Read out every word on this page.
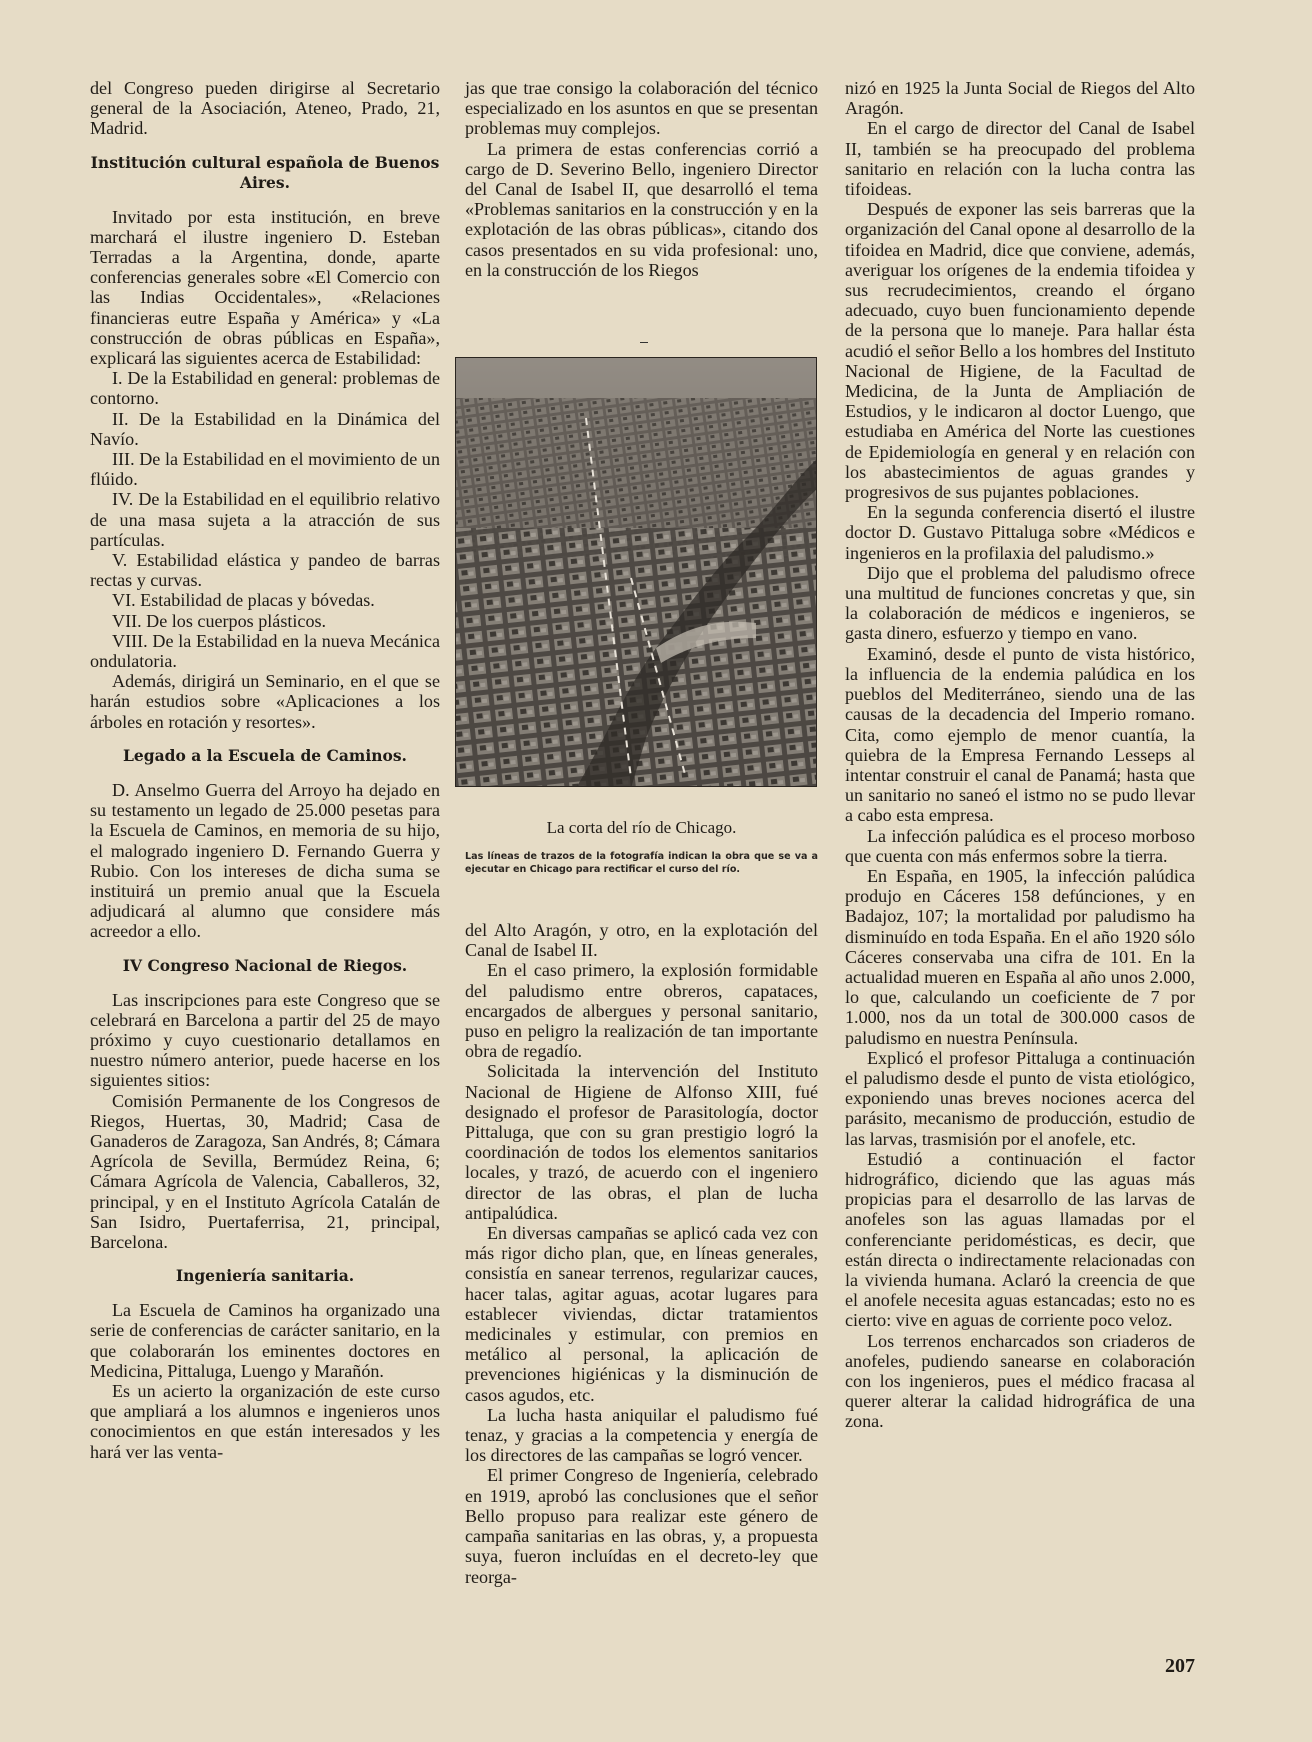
del Congreso pueden dirigirse al Secretario general de la Asociación, Ateneo, Prado, 21, Madrid.

Institución cultural española de Buenos Aires.

Invitado por esta institución, en breve marchará el ilustre ingeniero D. Esteban Terradas a la Argentina, donde, aparte conferencias generales sobre «El Comercio con las Indias Occidentales», «Relaciones financieras eutre España y América» y «La construcción de obras públicas en España», explicará las siguientes acerca de Estabilidad:

I. De la Estabilidad en general: problemas de contorno.

II. De la Estabilidad en la Dinámica del Navío.

III. De la Estabilidad en el movimiento de un flúido.

IV. De la Estabilidad en el equilibrio relativo de una masa sujeta a la atracción de sus partículas.

V. Estabilidad elástica y pandeo de barras rectas y curvas.

VI. Estabilidad de placas y bóvedas.

VII. De los cuerpos plásticos.

VIII. De la Estabilidad en la nueva Mecánica ondulatoria.

Además, dirigirá un Seminario, en el que se harán estudios sobre «Aplicaciones a los árboles en rotación y resortes».

Legado a la Escuela de Caminos.

D. Anselmo Guerra del Arroyo ha dejado en su testamento un legado de 25.000 pesetas para la Escuela de Caminos, en memoria de su hijo, el malogrado ingeniero D. Fernando Guerra y Rubio. Con los intereses de dicha suma se instituirá un premio anual que la Escuela adjudicará al alumno que considere más acreedor a ello.

IV Congreso Nacional de Riegos.

Las inscripciones para este Congreso que se celebrará en Barcelona a partir del 25 de mayo próximo y cuyo cuestionario detallamos en nuestro número anterior, puede hacerse en los siguientes sitios:

Comisión Permanente de los Congresos de Riegos, Huertas, 30, Madrid; Casa de Ganaderos de Zaragoza, San Andrés, 8; Cámara Agrícola de Sevilla, Bermúdez Reina, 6; Cámara Agrícola de Valencia, Caballeros, 32, principal, y en el Instituto Agrícola Catalán de San Isidro, Puertaferrisa, 21, principal, Barcelona.

Ingeniería sanitaria.

La Escuela de Caminos ha organizado una serie de conferencias de carácter sanitario, en la que colaborarán los eminentes doctores en Medicina, Pittaluga, Luengo y Marañón.

Es un acierto la organización de este curso que ampliará a los alumnos e ingenieros unos conocimientos en que están interesados y les hará ver las venta-

jas que trae consigo la colaboración del técnico especializado en los asuntos en que se presentan problemas muy complejos.

La primera de estas conferencias corrió a cargo de D. Severino Bello, ingeniero Director del Canal de Isabel II, que desarrolló el tema «Problemas sanitarios en la construcción y en la explotación de las obras públicas», citando dos casos presentados en su vida profesional: uno, en la construcción de los Riegos

del Alto Aragón, y otro, en la explotación del Canal de Isabel II.

En el caso primero, la explosión formidable del paludismo entre obreros, capataces, encargados de albergues y personal sanitario, puso en peligro la realización de tan importante obra de regadío.

Solicitada la intervención del Instituto Nacional de Higiene de Alfonso XIII, fué designado el profesor de Parasitología, doctor Pittaluga, que con su gran prestigio logró la coordinación de todos los elementos sanitarios locales, y trazó, de acuerdo con el ingeniero director de las obras, el plan de lucha antipalúdica.

En diversas campañas se aplicó cada vez con más rigor dicho plan, que, en líneas generales, consistía en sanear terrenos, regularizar cauces, hacer talas, agitar aguas, acotar lugares para establecer viviendas, dictar tratamientos medicinales y estimular, con premios en metálico al personal, la aplicación de prevenciones higiénicas y la disminución de casos agudos, etc.

La lucha hasta aniquilar el paludismo fué tenaz, y gracias a la competencia y energía de los directores de las campañas se logró vencer.

El primer Congreso de Ingeniería, celebrado en 1919, aprobó las conclusiones que el señor Bello propuso para realizar este género de campaña sanitarias en las obras, y, a propuesta suya, fueron incluídas en el decreto-ley que reorga-

La corta del río de Chicago.
Las líneas de trazos de la fotografía indican la obra que se va a ejecutar en Chicago para rectificar el curso del río.

nizó en 1925 la Junta Social de Riegos del Alto Aragón.

En el cargo de director del Canal de Isabel II, también se ha preocupado del problema sanitario en relación con la lucha contra las tifoideas.

Después de exponer las seis barreras que la organización del Canal opone al desarrollo de la tifoidea en Madrid, dice que conviene, además, averiguar los orígenes de la endemia tifoidea y sus recrudecimientos, creando el órgano adecuado, cuyo buen funcionamiento depende de la persona que lo maneje. Para hallar ésta acudió el señor Bello a los hombres del Instituto Nacional de Higiene, de la Facultad de Medicina, de la Junta de Ampliación de Estudios, y le indicaron al doctor Luengo, que estudiaba en América del Norte las cuestiones de Epidemiología en general y en relación con los abastecimientos de aguas grandes y progresivos de sus pujantes poblaciones.

En la segunda conferencia disertó el ilustre doctor D. Gustavo Pittaluga sobre «Médicos e ingenieros en la profilaxia del paludismo.»

Dijo que el problema del paludismo ofrece una multitud de funciones concretas y que, sin la colaboración de médicos e ingenieros, se gasta dinero, esfuerzo y tiempo en vano.

Examinó, desde el punto de vista histórico, la influencia de la endemia palúdica en los pueblos del Mediterráneo, siendo una de las causas de la decadencia del Imperio romano. Cita, como ejemplo de menor cuantía, la quiebra de la Empresa Fernando Lesseps al intentar construir el canal de Panamá; hasta que un sanitario no saneó el istmo no se pudo llevar a cabo esta empresa.

La infección palúdica es el proceso morboso que cuenta con más enfermos sobre la tierra.

En España, en 1905, la infección palúdica produjo en Cáceres 158 defúnciones, y en Badajoz, 107; la mortalidad por paludismo ha disminuído en toda España. En el año 1920 sólo Cáceres conservaba una cifra de 101. En la actualidad mueren en España al año unos 2.000, lo que, calculando un coeficiente de 7 por 1.000, nos da un total de 300.000 casos de paludismo en nuestra Península.

Explicó el profesor Pittaluga a continuación el paludismo desde el punto de vista etiológico, exponiendo unas breves nociones acerca del parásito, mecanismo de producción, estudio de las larvas, trasmisión por el anofele, etc.

Estudió a continuación el factor hidrográfico, diciendo que las aguas más propicias para el desarrollo de las larvas de anofeles son las aguas llamadas por el conferenciante peridomésticas, es decir, que están directa o indirectamente relacionadas con la vivienda humana. Aclaró la creencia de que el anofele necesita aguas estancadas; esto no es cierto: vive en aguas de corriente poco veloz.

Los terrenos encharcados son criaderos de anofeles, pudiendo sanearse en colaboración con los ingenieros, pues el médico fracasa al querer alterar la calidad hidrográfica de una zona.

207
